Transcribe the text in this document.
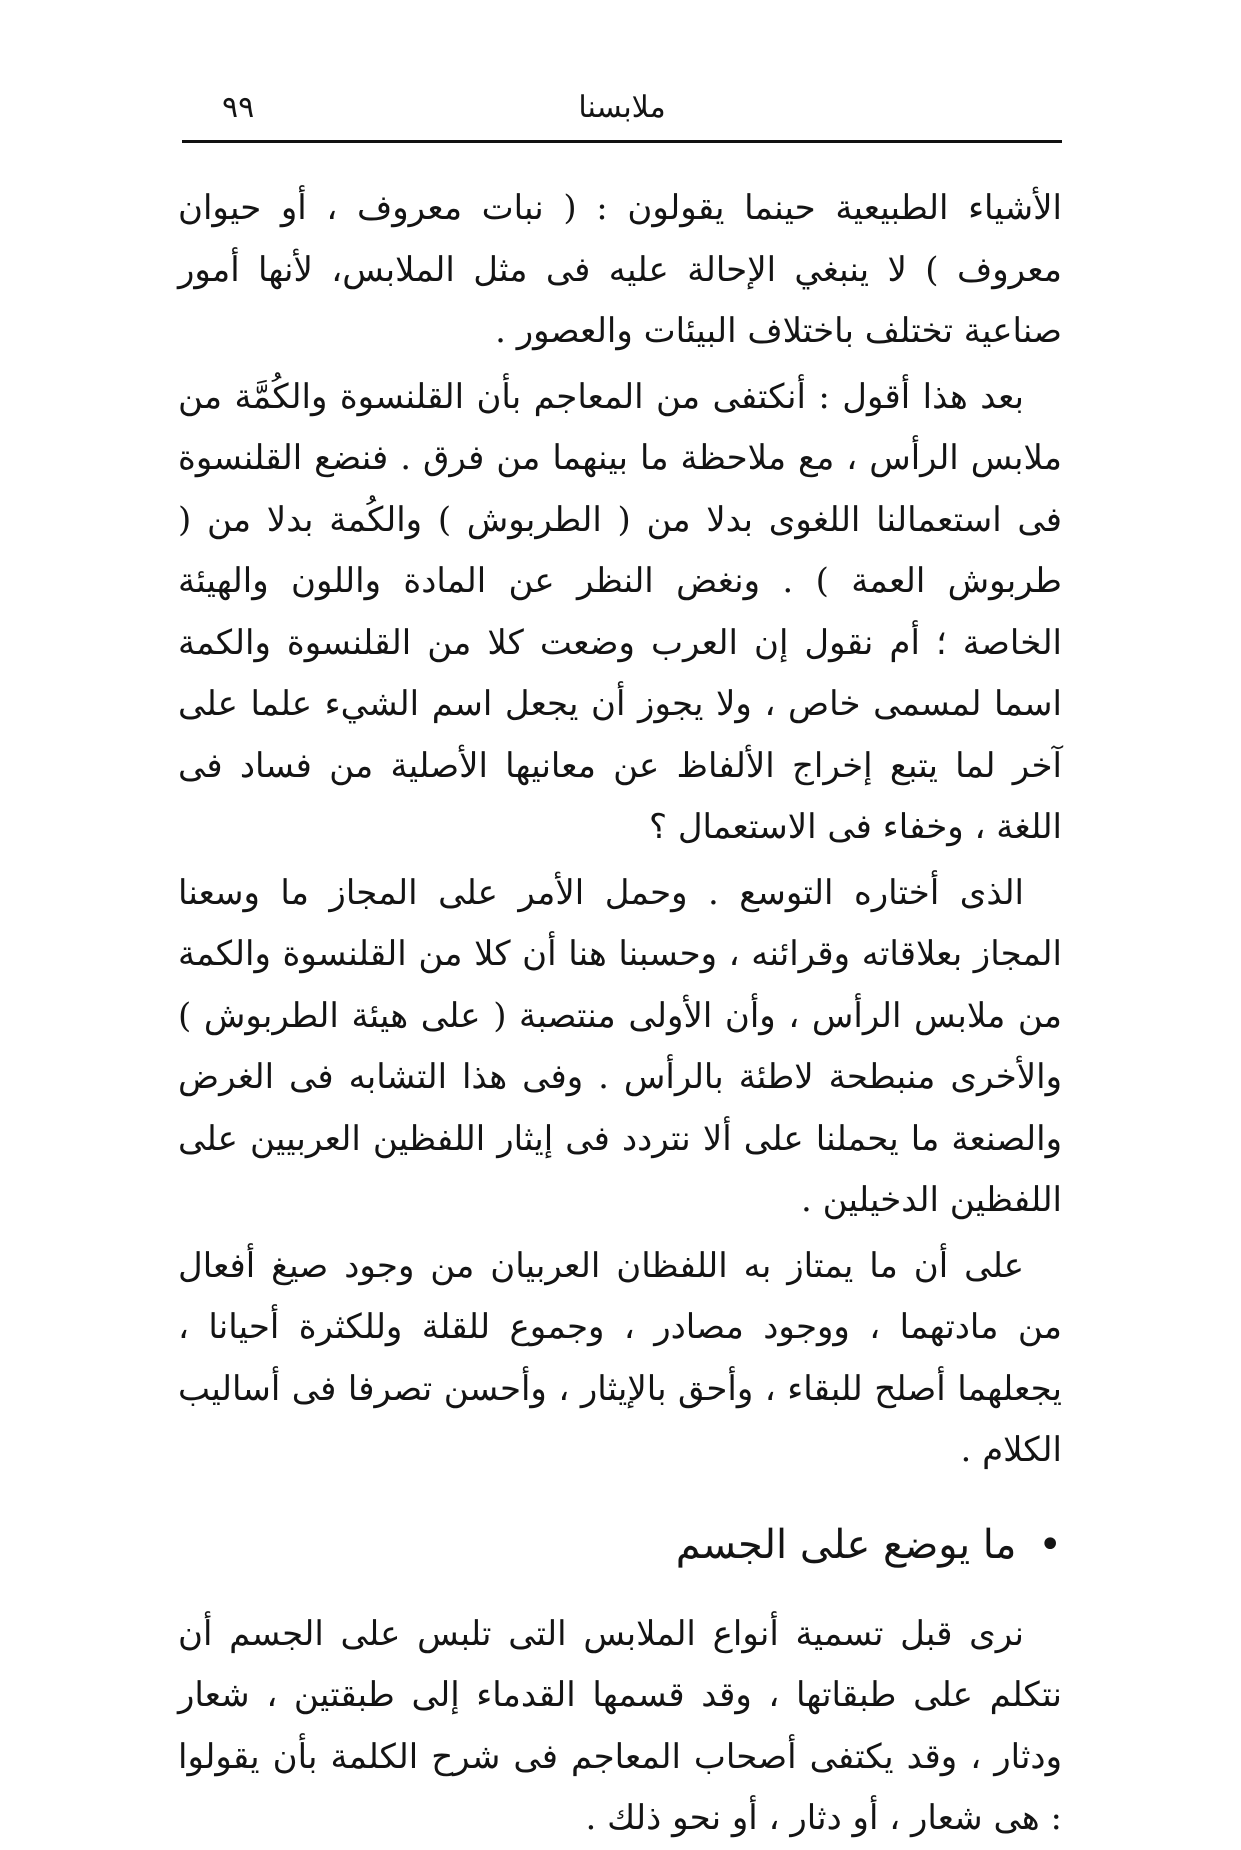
ملابسنا
٩٩

الأشياء الطبيعية حينما يقولون : ( نبات معروف ، أو حيوان معروف ) لا ينبغي الإحالة عليه فى مثل الملابس، لأنها أمور صناعية تختلف باختلاف البيئات والعصور .

بعد هذا أقول : أنكتفى من المعاجم بأن القلنسوة والكُمَّة من ملابس الرأس ، مع ملاحظة ما بينهما من فرق . فنضع القلنسوة فى استعمالنا اللغوى بدلا من ( الطربوش ) والكُمة بدلا من ( طربوش العمة ) . ونغض النظر عن المادة واللون والهيئة الخاصة ؛ أم نقول إن العرب وضعت كلا من القلنسوة والكمة اسما لمسمى خاص ، ولا يجوز أن يجعل اسم الشيء علما على آخر لما يتبع إخراج الألفاظ عن معانيها الأصلية من فساد فى اللغة ، وخفاء فى الاستعمال ؟

الذى أختاره التوسع . وحمل الأمر على المجاز ما وسعنا المجاز بعلاقاته وقرائنه ، وحسبنا هنا أن كلا من القلنسوة والكمة من ملابس الرأس ، وأن الأولى منتصبة ( على هيئة الطربوش ) والأخرى منبطحة لاطئة بالرأس . وفى هذا التشابه فى الغرض والصنعة ما يحملنا على ألا نتردد فى إيثار اللفظين العربيين على اللفظين الدخيلين .

على أن ما يمتاز به اللفظان العربيان من وجود صيغ أفعال من مادتهما ، ووجود مصادر ، وجموع للقلة وللكثرة أحيانا ، يجعلهما أصلح للبقاء ، وأحق بالإيثار ، وأحسن تصرفا فى أساليب الكلام .

•ما يوضع على الجسم

نرى قبل تسمية أنواع الملابس التى تلبس على الجسم أن نتكلم على طبقاتها ، وقد قسمها القدماء إلى طبقتين ، شعار ودثار ، وقد يكتفى أصحاب المعاجم فى شرح الكلمة بأن يقولوا : هى شعار ، أو دثار ، أو نحو ذلك .
